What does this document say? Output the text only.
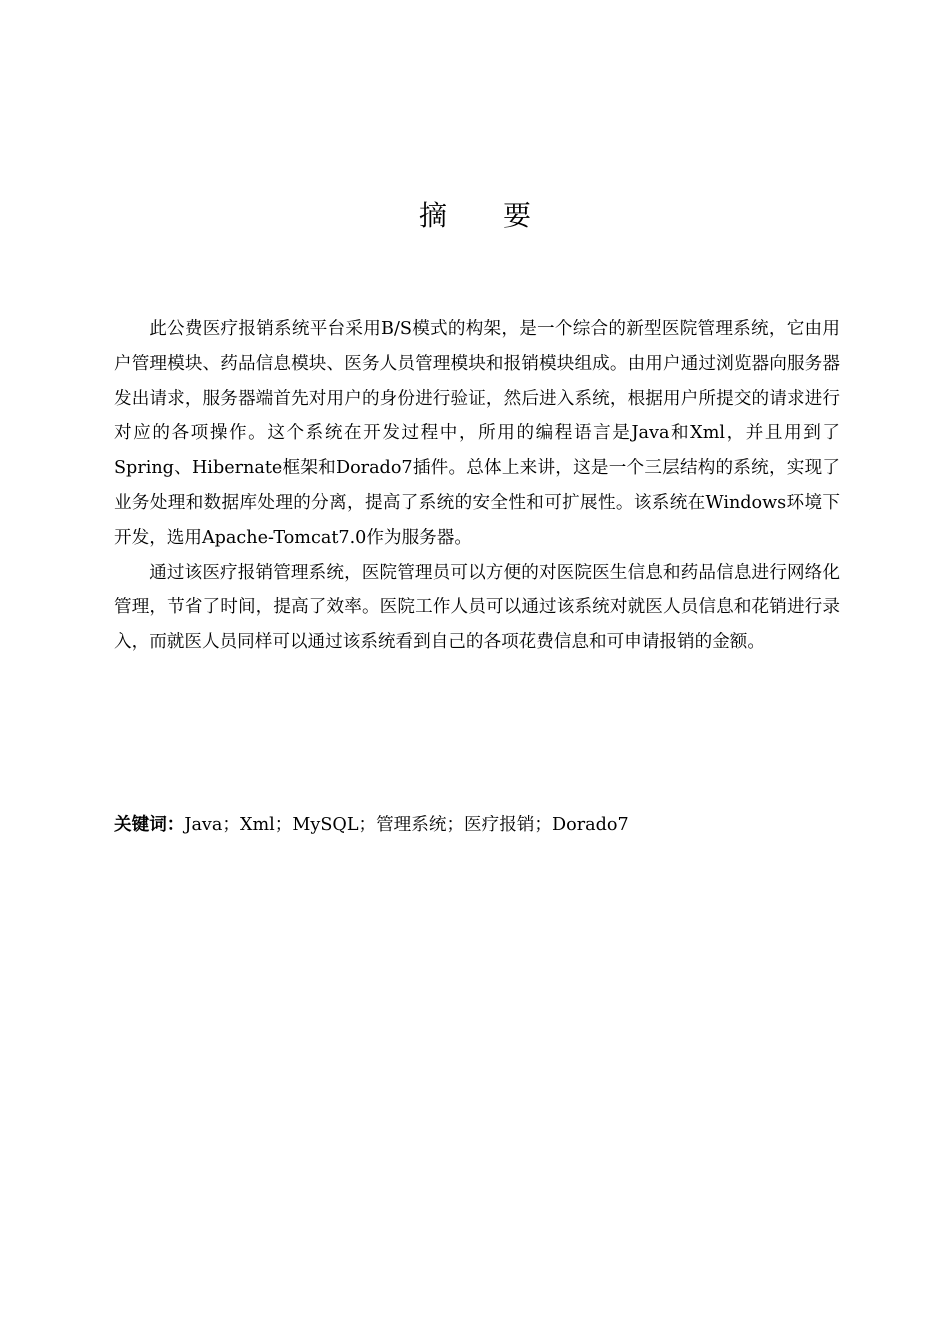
摘 要

此公费医疗报销系统平台采用B/S模式的构架，是一个综合的新型医院管理系统，它由用户管理模块、药品信息模块、医务人员管理模块和报销模块组成。由用户通过浏览器向服务器发出请求，服务器端首先对用户的身份进行验证，然后进入系统，根据用户所提交的请求进行对应的各项操作。这个系统在开发过程中，所用的编程语言是Java和Xml，并且用到了Spring、Hibernate框架和Dorado7插件。总体上来讲，这是一个三层结构的系统，实现了业务处理和数据库处理的分离，提高了系统的安全性和可扩展性。该系统在Windows环境下开发，选用Apache-Tomcat7.0作为服务器。

通过该医疗报销管理系统，医院管理员可以方便的对医院医生信息和药品信息进行网络化管理，节省了时间，提高了效率。医院工作人员可以通过该系统对就医人员信息和花销进行录入，而就医人员同样可以通过该系统看到自己的各项花费信息和可申请报销的金额。

关键词：Java；Xml；MySQL；管理系统；医疗报销；Dorado7
